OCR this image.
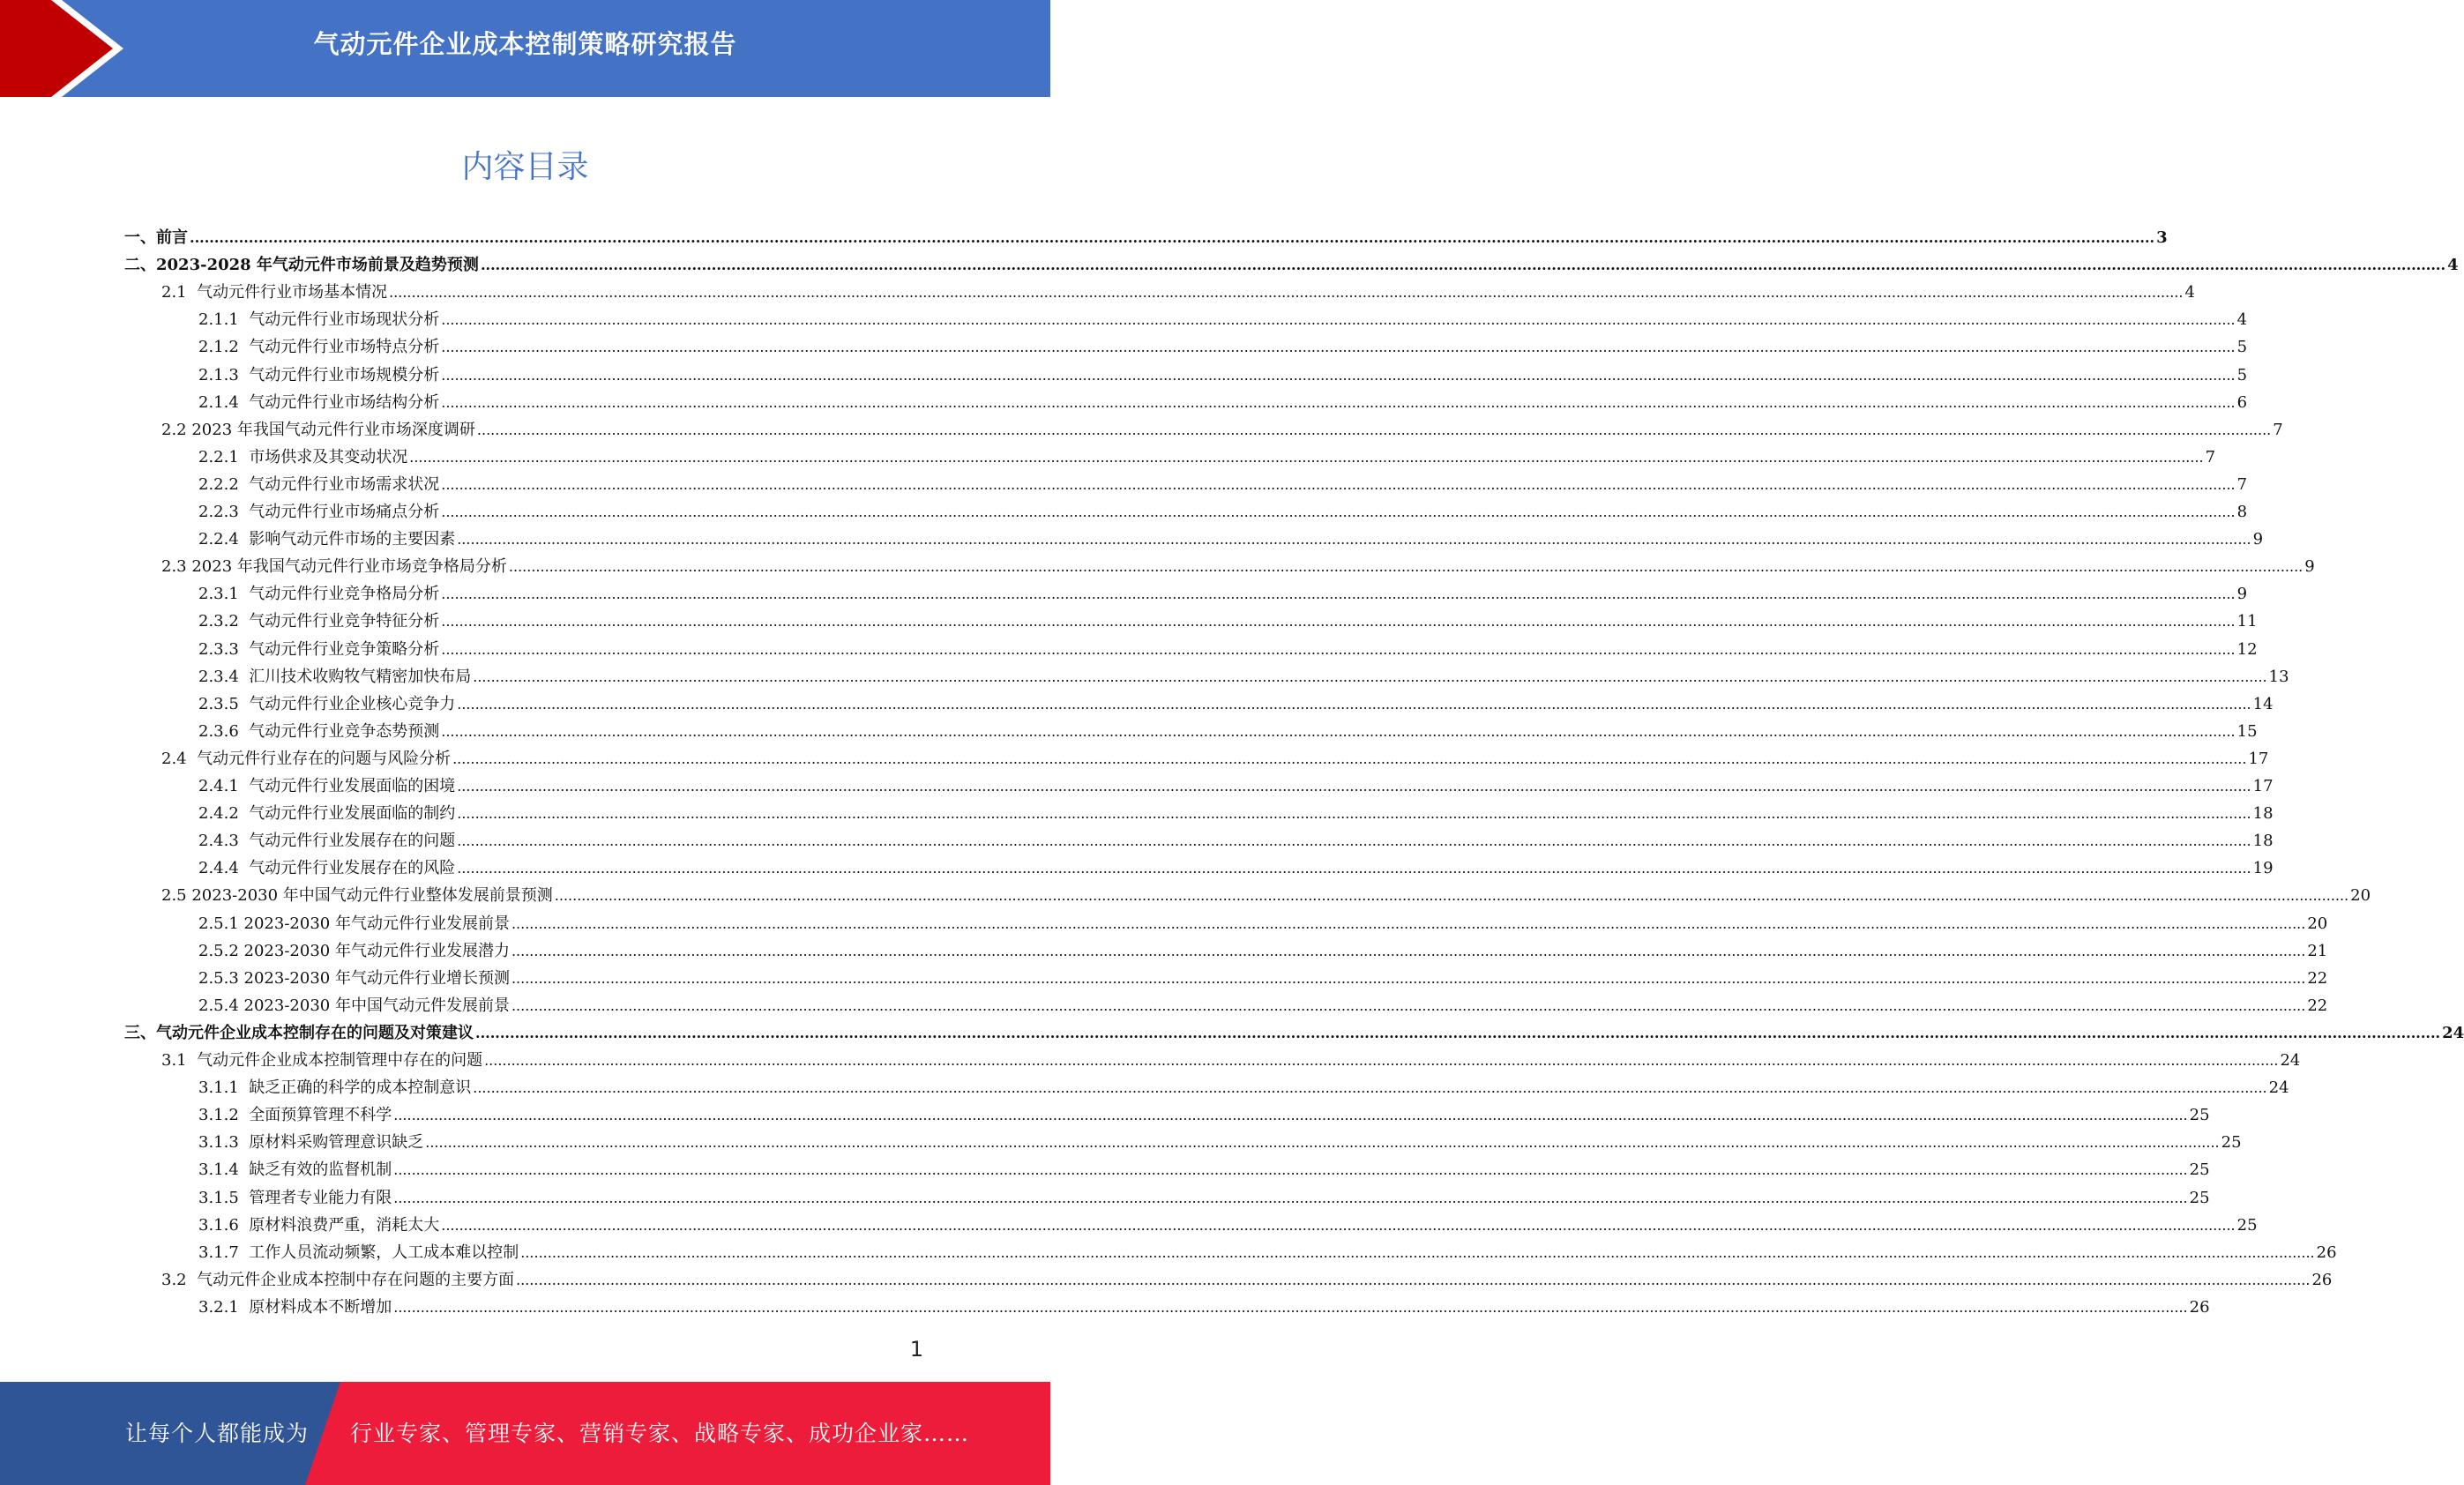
气动元件企业成本控制策略研究报告
内容目录
一、 前言 ................................................................................................................................................................................................................................................................................................................................................................................................................ 3
二、 2023-2028 年气动元件市场前景及趋势预测 ................................................................................................................................................................................................................................................................................................................................................................................................................ 4
2.1 气动元件行业市场基本情况 ................................................................................................................................................................................................................................................................................................................................................................................................................ 4
2.1.1 气动元件行业市场现状分析 ................................................................................................................................................................................................................................................................................................................................................................................................................ 4
2.1.2 气动元件行业市场特点分析 ................................................................................................................................................................................................................................................................................................................................................................................................................ 5
2.1.3 气动元件行业市场规模分析 ................................................................................................................................................................................................................................................................................................................................................................................................................ 5
2.1.4 气动元件行业市场结构分析 ................................................................................................................................................................................................................................................................................................................................................................................................................ 6
2.2 2023 年我国气动元件行业市场深度调研 ................................................................................................................................................................................................................................................................................................................................................................................................................ 7
2.2.1 市场供求及其变动状况 ................................................................................................................................................................................................................................................................................................................................................................................................................ 7
2.2.2 气动元件行业市场需求状况 ................................................................................................................................................................................................................................................................................................................................................................................................................ 7
2.2.3 气动元件行业市场痛点分析 ................................................................................................................................................................................................................................................................................................................................................................................................................ 8
2.2.4 影响气动元件市场的主要因素 ................................................................................................................................................................................................................................................................................................................................................................................................................ 9
2.3 2023 年我国气动元件行业市场竞争格局分析 ................................................................................................................................................................................................................................................................................................................................................................................................................ 9
2.3.1 气动元件行业竞争格局分析 ................................................................................................................................................................................................................................................................................................................................................................................................................ 9
2.3.2 气动元件行业竞争特征分析 ................................................................................................................................................................................................................................................................................................................................................................................................................ 11
2.3.3 气动元件行业竞争策略分析 ................................................................................................................................................................................................................................................................................................................................................................................................................ 12
2.3.4 汇川技术收购牧气精密加快布局 ................................................................................................................................................................................................................................................................................................................................................................................................................ 13
2.3.5 气动元件行业企业核心竞争力 ................................................................................................................................................................................................................................................................................................................................................................................................................ 14
2.3.6 气动元件行业竞争态势预测 ................................................................................................................................................................................................................................................................................................................................................................................................................ 15
2.4 气动元件行业存在的问题与风险分析 ................................................................................................................................................................................................................................................................................................................................................................................................................ 17
2.4.1 气动元件行业发展面临的困境 ................................................................................................................................................................................................................................................................................................................................................................................................................ 17
2.4.2 气动元件行业发展面临的制约 ................................................................................................................................................................................................................................................................................................................................................................................................................ 18
2.4.3 气动元件行业发展存在的问题 ................................................................................................................................................................................................................................................................................................................................................................................................................ 18
2.4.4 气动元件行业发展存在的风险 ................................................................................................................................................................................................................................................................................................................................................................................................................ 19
2.5 2023-2030 年中国气动元件行业整体发展前景预测 ................................................................................................................................................................................................................................................................................................................................................................................................................ 20
2.5.1 2023-2030 年气动元件行业发展前景 ................................................................................................................................................................................................................................................................................................................................................................................................................ 20
2.5.2 2023-2030 年气动元件行业发展潜力 ................................................................................................................................................................................................................................................................................................................................................................................................................ 21
2.5.3 2023-2030 年气动元件行业增长预测 ................................................................................................................................................................................................................................................................................................................................................................................................................ 22
2.5.4 2023-2030 年中国气动元件发展前景 ................................................................................................................................................................................................................................................................................................................................................................................................................ 22
三、 气动元件企业成本控制存在的问题及对策建议 ................................................................................................................................................................................................................................................................................................................................................................................................................ 24
3.1 气动元件企业成本控制管理中存在的问题 ................................................................................................................................................................................................................................................................................................................................................................................................................ 24
3.1.1 缺乏正确的科学的成本控制意识 ................................................................................................................................................................................................................................................................................................................................................................................................................ 24
3.1.2 全面预算管理不科学 ................................................................................................................................................................................................................................................................................................................................................................................................................ 25
3.1.3 原材料采购管理意识缺乏 ................................................................................................................................................................................................................................................................................................................................................................................................................ 25
3.1.4 缺乏有效的监督机制 ................................................................................................................................................................................................................................................................................................................................................................................................................ 25
3.1.5 管理者专业能力有限 ................................................................................................................................................................................................................................................................................................................................................................................................................ 25
3.1.6 原材料浪费严重，消耗太大 ................................................................................................................................................................................................................................................................................................................................................................................................................ 25
3.1.7 工作人员流动频繁，人工成本难以控制 ................................................................................................................................................................................................................................................................................................................................................................................................................ 26
3.2 气动元件企业成本控制中存在问题的主要方面 ................................................................................................................................................................................................................................................................................................................................................................................................................ 26
3.2.1 原材料成本不断增加 ................................................................................................................................................................................................................................................................................................................................................................................................................ 26
1
让每个人都能成为 行业专家、管理专家、营销专家、战略专家、成功企业家……
